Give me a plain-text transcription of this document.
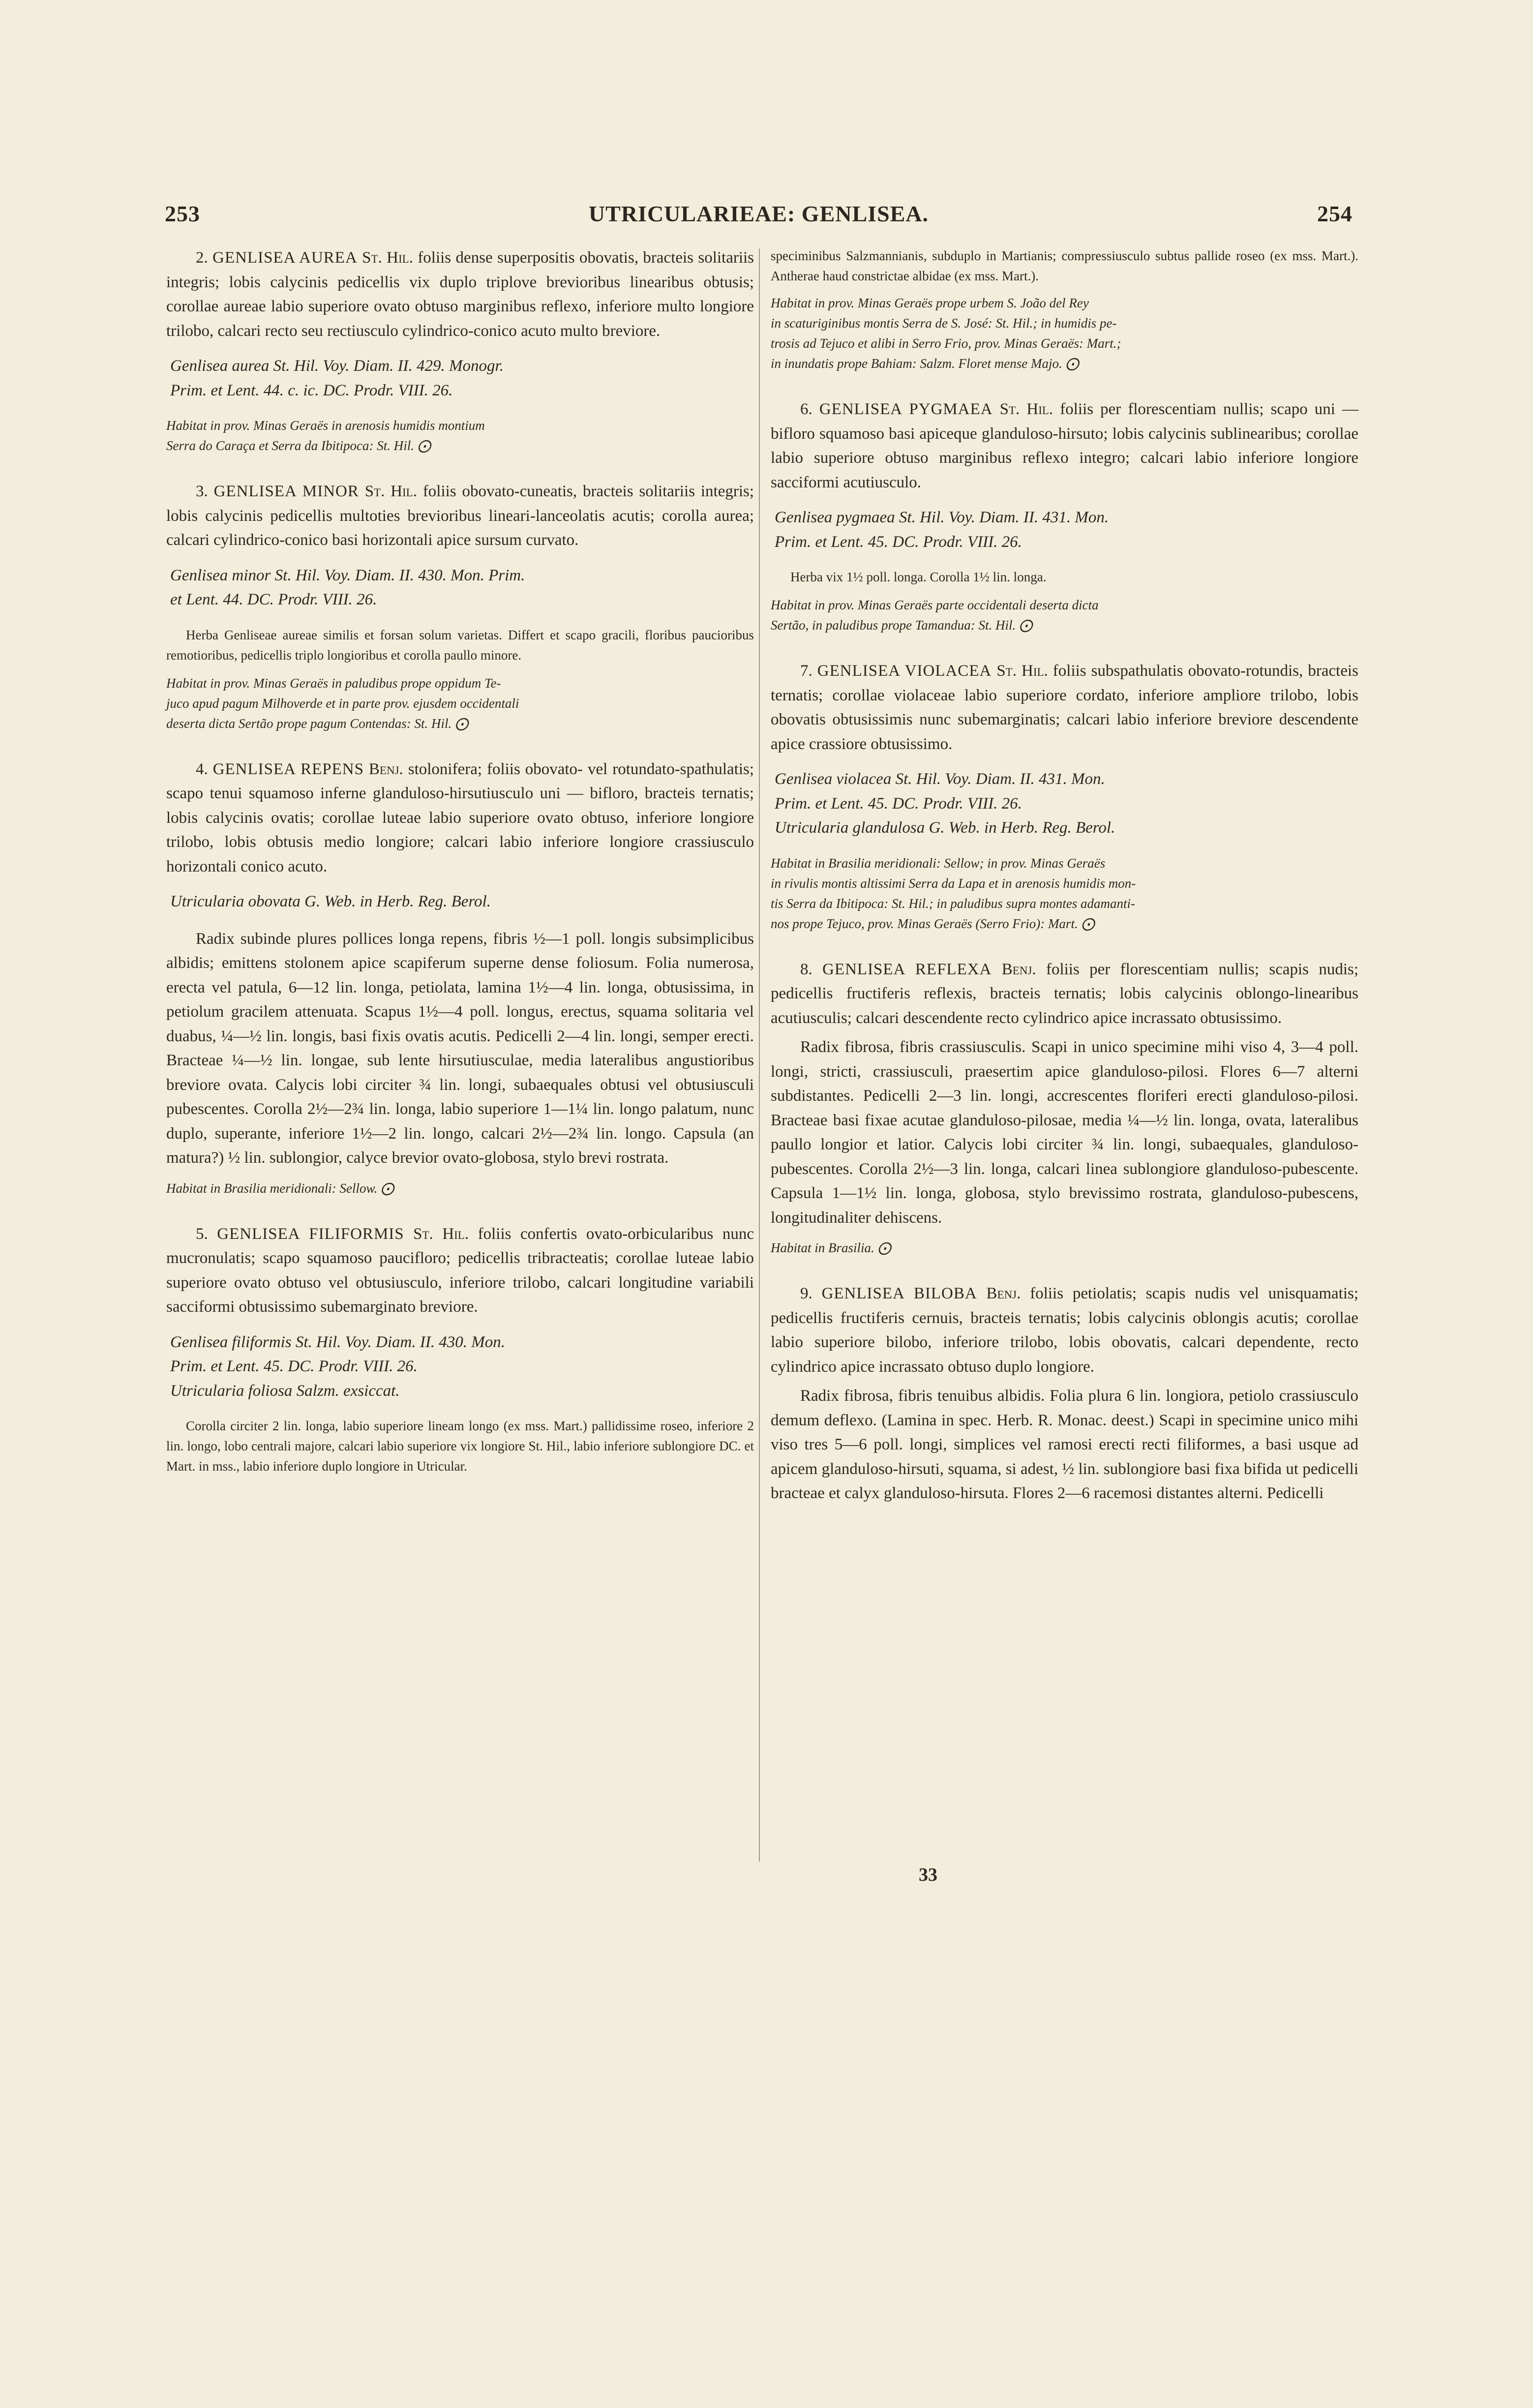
253	UTRICULARIEAE: GENLISEA.	254

2. GENLISEA AUREA St. Hil. foliis dense superpositis obovatis, bracteis solitariis integris; lobis calycinis pedicellis vix duplo triplove brevioribus linearibus obtusis; corollae aureae labio superiore ovato obtuso marginibus reflexo, inferiore multo longiore trilobo, calcari recto seu rectiusculo cylindrico-conico acuto multo breviore.

Genlisea aurea St. Hil. Voy. Diam. II. 429. Monogr.
Prim. et Lent. 44. c. ic. DC. Prodr. VIII. 26.
Habitat in prov. Minas Geraës in arenosis humidis montium
Serra do Caraça et Serra da Ibitipoca: St. Hil. ⨀

3. GENLISEA MINOR St. Hil. foliis obovato-cuneatis, bracteis solitariis integris; lobis calycinis pedicellis multoties brevioribus lineari-lanceolatis acutis; corolla aurea; calcari cylindrico-conico basi horizontali apice sursum curvato.

Genlisea minor St. Hil. Voy. Diam. II. 430. Mon. Prim.
et Lent. 44. DC. Prodr. VIII. 26.

Herba Genliseae aureae similis et forsan solum varietas. Differt et scapo gracili, floribus paucioribus remotioribus, pedicellis triplo longioribus et corolla paullo minore.

Habitat in prov. Minas Geraës in paludibus prope oppidum Te-
juco apud pagum Milhoverde et in parte prov. ejusdem occidentali
deserta dicta Sertão prope pagum Contendas: St. Hil. ⨀

4. GENLISEA REPENS Benj. stolonifera; foliis obovato- vel rotundato-spathulatis; scapo tenui squamoso inferne glanduloso-hirsutiusculo uni — bifloro, bracteis ternatis; lobis calycinis ovatis; corollae luteae labio superiore ovato obtuso, inferiore longiore trilobo, lobis obtusis medio longiore; calcari labio inferiore longiore crassiusculo horizontali conico acuto.

Utricularia obovata G. Web. in Herb. Reg. Berol.

Radix subinde plures pollices longa repens, fibris ½—1 poll. longis subsimplicibus albidis; emittens stolonem apice scapiferum superne dense foliosum. Folia numerosa, erecta vel patula, 6—12 lin. longa, petiolata, lamina 1½—4 lin. longa, obtusissima, in petiolum gracilem attenuata. Scapus 1½—4 poll. longus, erectus, squama solitaria vel duabus, ¼—½ lin. longis, basi fixis ovatis acutis. Pedicelli 2—4 lin. longi, semper erecti. Bracteae ¼—½ lin. longae, sub lente hirsutiusculae, media lateralibus angustioribus breviore ovata. Calycis lobi circiter ¾ lin. longi, subaequales obtusi vel obtusiusculi pubescentes. Corolla 2½—2¾ lin. longa, labio superiore 1—1¼ lin. longo palatum, nunc duplo, superante, inferiore 1½—2 lin. longo, calcari 2½—2¾ lin. longo. Capsula (an matura?) ½ lin. sublongior, calyce brevior ovato-globosa, stylo brevi rostrata.

Habitat in Brasilia meridionali: Sellow. ⨀

5. GENLISEA FILIFORMIS St. Hil. foliis confertis ovato-orbicularibus nunc mucronulatis; scapo squamoso paucifloro; pedicellis tribracteatis; corollae luteae labio superiore ovato obtuso vel obtusiusculo, inferiore trilobo, calcari longitudine variabili sacciformi obtusissimo subemarginato breviore.

Genlisea filiformis St. Hil. Voy. Diam. II. 430. Mon.
Prim. et Lent. 45. DC. Prodr. VIII. 26.
Utricularia foliosa Salzm. exsiccat.

Corolla circiter 2 lin. longa, labio superiore lineam longo (ex mss. Mart.) pallidissime roseo, inferiore 2 lin. longo, lobo centrali majore, calcari labio superiore vix longiore St. Hil., labio inferiore sublongiore DC. et Mart. in mss., labio inferiore duplo longiore in Utricular.

speciminibus Salzmannianis, subduplo in Martianis; compressiusculo subtus pallide roseo (ex mss. Mart.). Antherae haud constrictae albidae (ex mss. Mart.).

Habitat in prov. Minas Geraës prope urbem S. João del Rey
in scaturiginibus montis Serra de S. José: St. Hil.; in humidis pe-
trosis ad Tejuco et alibi in Serro Frio, prov. Minas Geraës: Mart.;
in inundatis prope Bahiam: Salzm. Floret mense Majo. ⨀

6. GENLISEA PYGMAEA St. Hil. foliis per florescentiam nullis; scapo uni — bifloro squamoso basi apiceque glanduloso-hirsuto; lobis calycinis sublinearibus; corollae labio superiore obtuso marginibus reflexo integro; calcari labio inferiore longiore sacciformi acutiusculo.

Genlisea pygmaea St. Hil. Voy. Diam. II. 431. Mon.
Prim. et Lent. 45. DC. Prodr. VIII. 26.

Herba vix 1½ poll. longa. Corolla 1½ lin. longa.

Habitat in prov. Minas Geraës parte occidentali deserta dicta
Sertão, in paludibus prope Tamandua: St. Hil. ⨀

7. GENLISEA VIOLACEA St. Hil. foliis subspathulatis obovato-rotundis, bracteis ternatis; corollae violaceae labio superiore cordato, inferiore ampliore trilobo, lobis obovatis obtusissimis nunc subemarginatis; calcari labio inferiore breviore descendente apice crassiore obtusissimo.

Genlisea violacea St. Hil. Voy. Diam. II. 431. Mon.
Prim. et Lent. 45. DC. Prodr. VIII. 26.
Utricularia glandulosa G. Web. in Herb. Reg. Berol.
Habitat in Brasilia meridionali: Sellow; in prov. Minas Geraës
in rivulis montis altissimi Serra da Lapa et in arenosis humidis mon-
tis Serra da Ibitipoca: St. Hil.; in paludibus supra montes adamanti-
nos prope Tejuco, prov. Minas Geraës (Serro Frio): Mart. ⨀

8. GENLISEA REFLEXA Benj. foliis per florescentiam nullis; scapis nudis; pedicellis fructiferis reflexis, bracteis ternatis; lobis calycinis oblongo-linearibus acutiusculis; calcari descendente recto cylindrico apice incrassato obtusissimo.

Radix fibrosa, fibris crassiusculis. Scapi in unico specimine mihi viso 4, 3—4 poll. longi, stricti, crassiusculi, praesertim apice glanduloso-pilosi. Flores 6—7 alterni subdistantes. Pedicelli 2—3 lin. longi, accrescentes floriferi erecti glanduloso-pilosi. Bracteae basi fixae acutae glanduloso-pilosae, media ¼—½ lin. longa, ovata, lateralibus paullo longior et latior. Calycis lobi circiter ¾ lin. longi, subaequales, glanduloso-pubescentes. Corolla 2½—3 lin. longa, calcari linea sublongiore glanduloso-pubescente. Capsula 1—1½ lin. longa, globosa, stylo brevissimo rostrata, glanduloso-pubescens, longitudinaliter dehiscens.

Habitat in Brasilia. ⨀

9. GENLISEA BILOBA Benj. foliis petiolatis; scapis nudis vel unisquamatis; pedicellis fructiferis cernuis, bracteis ternatis; lobis calycinis oblongis acutis; corollae labio superiore bilobo, inferiore trilobo, lobis obovatis, calcari dependente, recto cylindrico apice incrassato obtuso duplo longiore.

Radix fibrosa, fibris tenuibus albidis. Folia plura 6 lin. longiora, petiolo crassiusculo demum deflexo. (Lamina in spec. Herb. R. Monac. deest.) Scapi in specimine unico mihi viso tres 5—6 poll. longi, simplices vel ramosi erecti recti filiformes, a basi usque ad apicem glanduloso-hirsuti, squama, si adest, ½ lin. sublongiore basi fixa bifida ut pedicelli bracteae et calyx glanduloso-hirsuta. Flores 2—6 racemosi distantes alterni. Pedicelli

33
